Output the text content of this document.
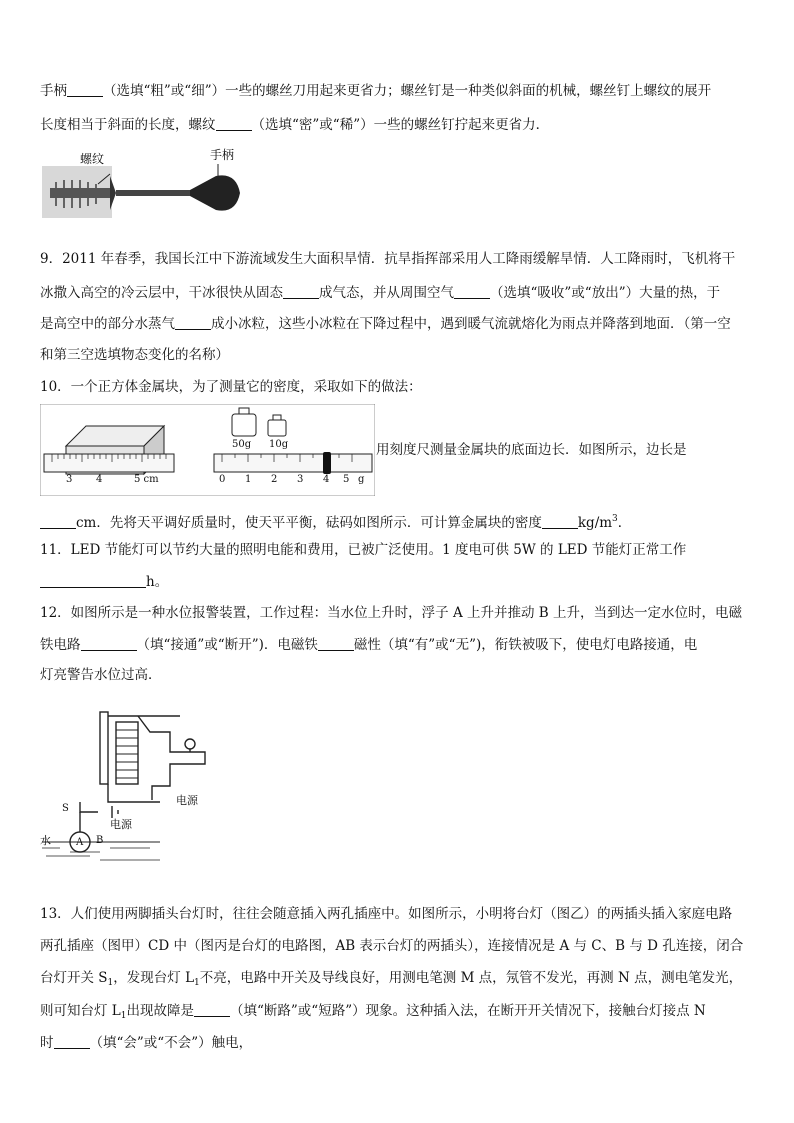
手柄	（选填“粗”或“细”）一些的螺丝刀用起来更省力；螺丝钉是一种类似斜面的机械，螺丝钉上螺纹的展开
长度相当于斜面的长度，螺纹	（选填“密”或“稀”）一些的螺丝钉拧起来更省力．
螺纹	手柄
9．2011 年春季，我国长江中下游流域发生大面积旱情．抗旱指挥部采用人工降雨缓解旱情．人工降雨时，飞机将干
冰撒入高空的冷云层中，干冰很快从固态	成气态，并从周围空气	（选填“吸收”或“放出”）大量的热，于
是高空中的部分水蒸气	成小冰粒，这些小冰粒在下降过程中，遇到暖气流就熔化为雨点并降落到地面．（第一空
和第三空选填物态变化的名称）
10．一个正方体金属块，为了测量它的密度，采取如下的做法：
3 4	5 cm
50g 10g
0 1 2 3 4 5 g
用刻度尺测量金属块的底面边长．如图所示，边长是
cm．先将天平调好质量时，使天平平衡，砝码如图所示．可计算金属块的密度	$kg/m^3$．
11．LED 节能灯可以节约大量的照明电能和费用，已被广泛使用。1 度电可供 5W 的 LED 节能灯正常工作
h。
12．如图所示是一种水位报警装置，工作过程：当水位上升时，浮子 A 上升并推动 B 上升，当到达一定水位时，电磁
铁电路	（填“接通”或“断开”)．电磁铁	磁性（填“有”或“无”)，衔铁被吸下，使电灯电路接通，电
灯亮警告水位过高．
电源
电源
水
S
A B
13．人们使用两脚插头台灯时，往往会随意插入两孔插座中。如图所示，小明将台灯（图乙）的两插头插入家庭电路
两孔插座（图甲）CD 中（图丙是台灯的电路图，AB 表示台灯的两插头），连接情况是 A 与 C、B 与 D 孔连接，闭合
台灯开关 $S_1$，发现台灯 $L_1$不亮，电路中开关及导线良好，用测电笔测 M 点，氖管不发光，再测 N 点，测电笔发光，
则可知台灯 $L_1$出现故障是	（填“断路”或“短路”）现象。这种插入法，在断开开关情况下，接触台灯接点 N
时	（填“会”或“不会”）触电，
